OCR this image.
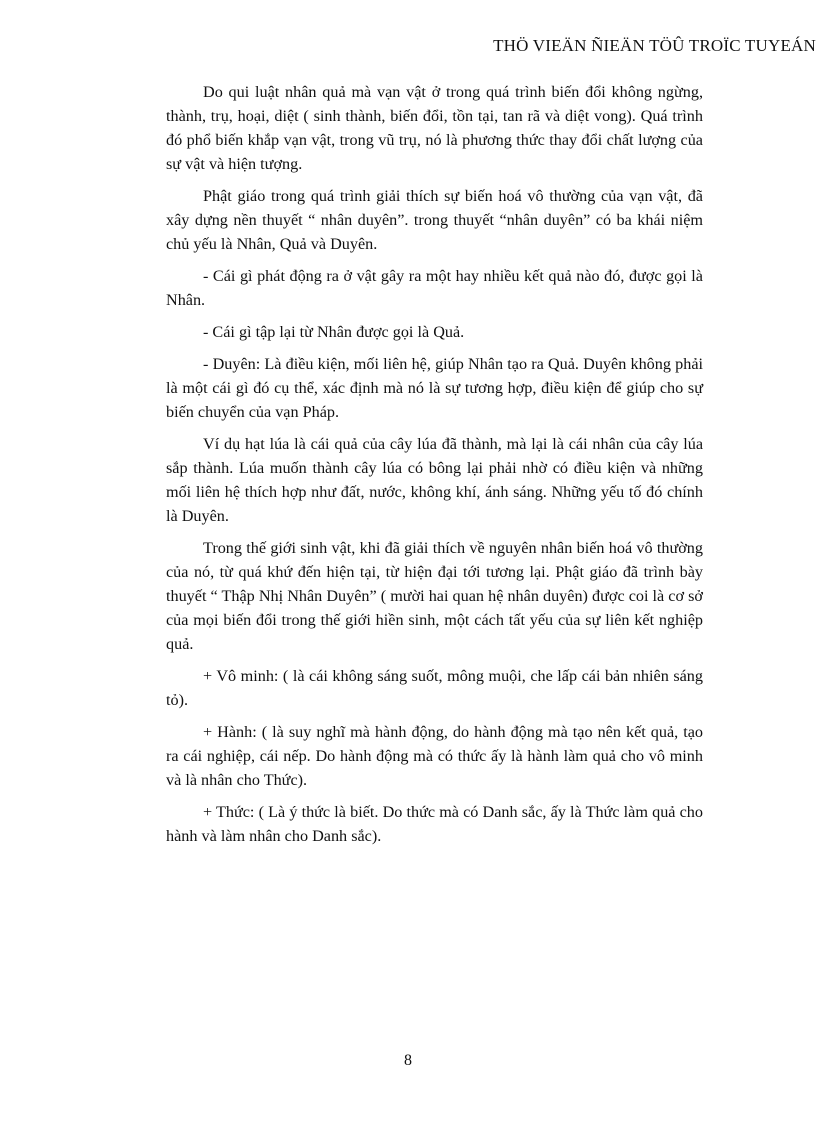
THÖ VIEÄN ÑIEÄN TÖÛ TROÏC TUYEÁN

Do qui luật nhân quả mà vạn vật ở trong quá trình biến đổi không ngừng, thành, trụ, hoại, diệt ( sinh thành, biến đổi, tồn tại, tan rã và diệt vong). Quá trình đó phổ biến khắp vạn vật, trong vũ trụ, nó là phương thức thay đổi chất lượng của sự vật và hiện tượng.

Phật giáo trong quá trình giải thích sự biến hoá vô thường của vạn vật, đã xây dựng nền thuyết “ nhân duyên”. trong thuyết “nhân duyên” có ba khái niệm chủ yếu là Nhân, Quả và Duyên.

- Cái gì phát động ra ở vật gây ra một hay nhiều kết quả nào đó, được gọi là Nhân.

- Cái gì tập lại từ Nhân được gọi là Quả.

- Duyên: Là điều kiện, mối liên hệ, giúp Nhân tạo ra Quả. Duyên không phải là một cái gì đó cụ thể, xác định mà nó là sự tương hợp, điều kiện để giúp cho sự biến chuyển của vạn Pháp.

Ví dụ hạt lúa là cái quả của cây lúa đã thành, mà lại là cái nhân của cây lúa sắp thành. Lúa muốn thành cây lúa có bông lại phải nhờ có điều kiện và những mối liên hệ thích hợp như đất, nước, không khí, ánh sáng. Những yếu tố đó chính là Duyên.

Trong thế giới sinh vật, khi đã giải thích về nguyên nhân biến hoá vô thường của nó, từ quá khứ đến hiện tại, từ hiện đại tới tương lại. Phật giáo đã trình bày thuyết “ Thập Nhị Nhân Duyên” ( mười hai quan hệ nhân duyên) được coi là cơ sở của mọi biến đổi trong thế giới hiền sinh, một cách tất yếu của sự liên kết nghiệp quả.

+ Vô minh: ( là cái không sáng suốt, mông muội, che lấp cái bản nhiên sáng tỏ).

+ Hành: ( là suy nghĩ mà hành động, do hành động mà tạo nên kết quả, tạo ra cái nghiệp, cái nếp. Do hành động mà có thức ấy là hành làm quả cho vô minh và là nhân cho Thức).

+ Thức: ( Là ý thức là biết. Do thức mà có Danh sắc, ấy là Thức làm quả cho hành và làm nhân cho Danh sắc).

8
